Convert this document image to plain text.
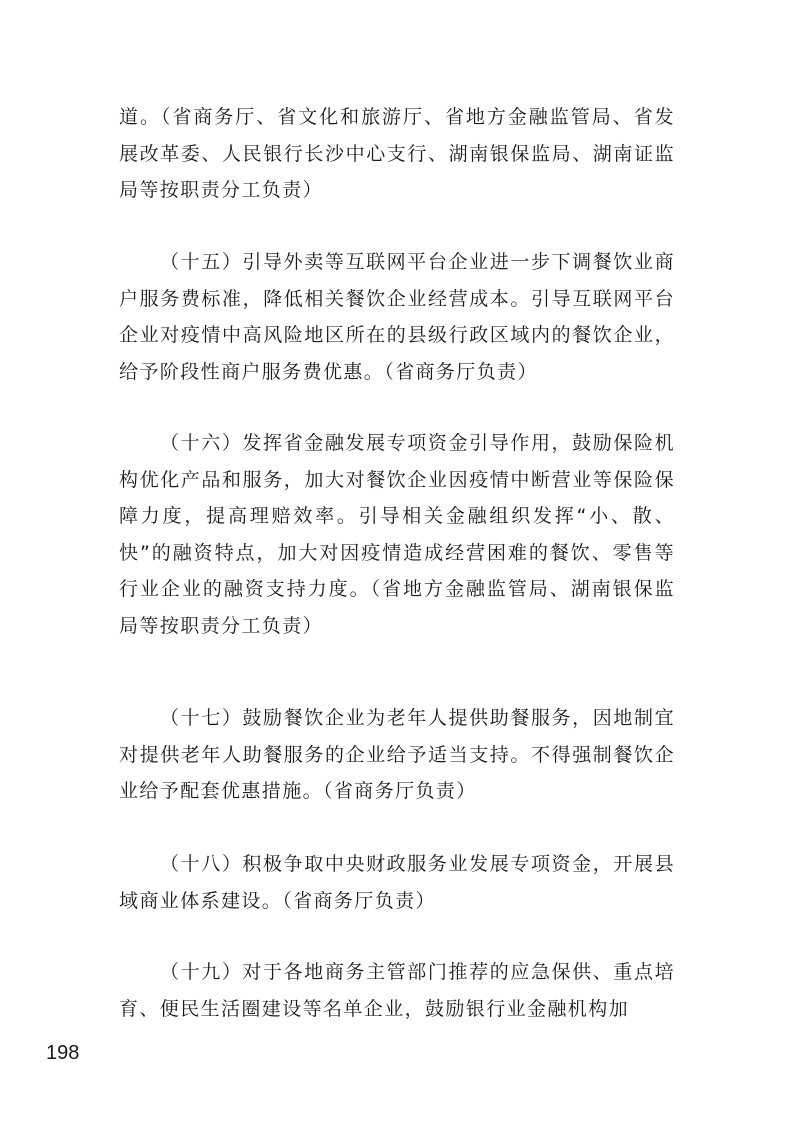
道。（省商务厅、省文化和旅游厅、省地方金融监管局、省发展改革委、人民银行长沙中心支行、湖南银保监局、湖南证监局等按职责分工负责）

（十五）引导外卖等互联网平台企业进一步下调餐饮业商户服务费标准，降低相关餐饮企业经营成本。引导互联网平台企业对疫情中高风险地区所在的县级行政区域内的餐饮企业，给予阶段性商户服务费优惠。（省商务厅负责）

（十六）发挥省金融发展专项资金引导作用，鼓励保险机构优化产品和服务，加大对餐饮企业因疫情中断营业等保险保障力度，提高理赔效率。引导相关金融组织发挥“小、散、快”的融资特点，加大对因疫情造成经营困难的餐饮、零售等行业企业的融资支持力度。（省地方金融监管局、湖南银保监局等按职责分工负责）

（十七）鼓励餐饮企业为老年人提供助餐服务，因地制宜对提供老年人助餐服务的企业给予适当支持。不得强制餐饮企业给予配套优惠措施。（省商务厅负责）

（十八）积极争取中央财政服务业发展专项资金，开展县域商业体系建设。（省商务厅负责）

（十九）对于各地商务主管部门推荐的应急保供、重点培育、便民生活圈建设等名单企业，鼓励银行业金融机构加

198
